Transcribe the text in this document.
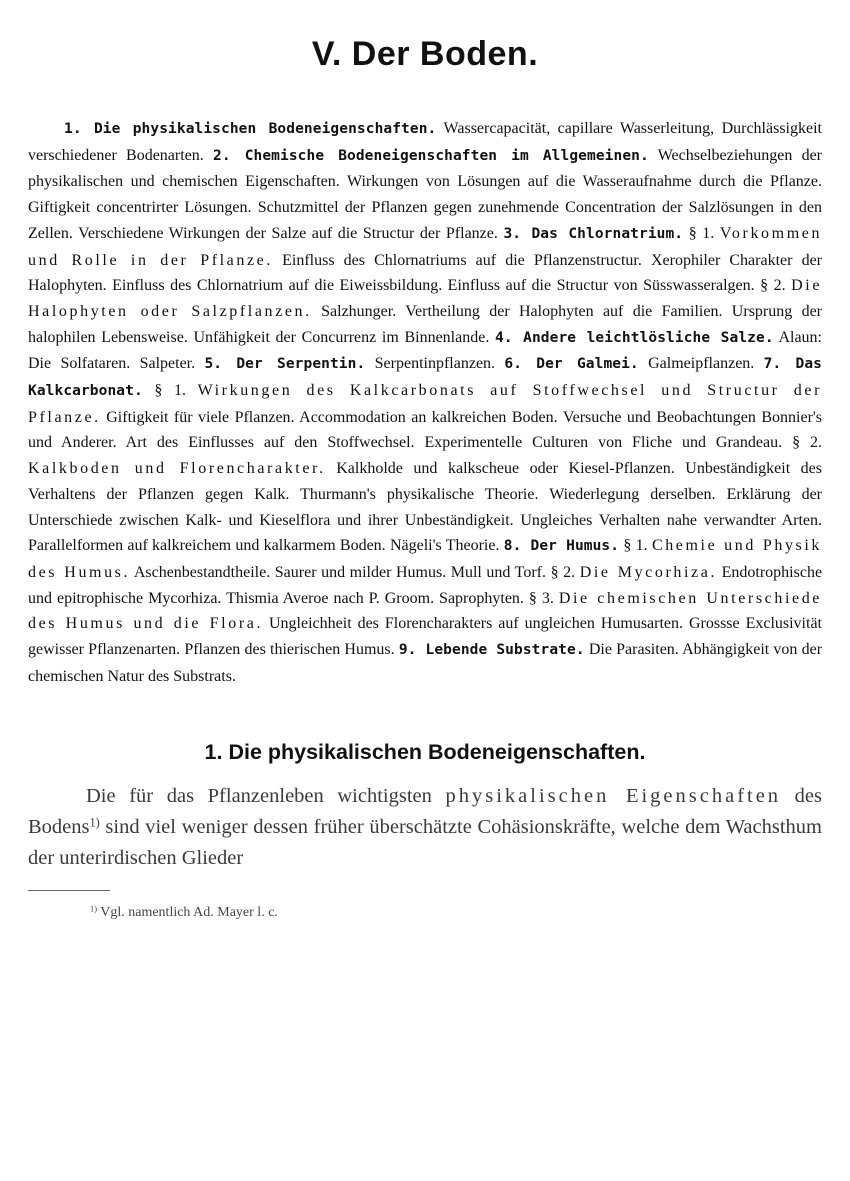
V. Der Boden.

1. Die physikalischen Bodeneigenschaften. Wassercapacität, capillare Wasserleitung, Durchlässigkeit verschiedener Bodenarten. 2. Chemische Bodeneigenschaften im Allgemeinen. Wechselbeziehungen der physikalischen und chemischen Eigenschaften. Wirkungen von Lösungen auf die Wasseraufnahme durch die Pflanze. Giftigkeit concentrirter Lösungen. Schutzmittel der Pflanzen gegen zunehmende Concentration der Salzlösungen in den Zellen. Verschiedene Wirkungen der Salze auf die Structur der Pflanze. 3. Das Chlornatrium. § 1. Vorkommen und Rolle in der Pflanze. Einfluss des Chlornatriums auf die Pflanzenstructur. Xerophiler Charakter der Halophyten. Einfluss des Chlornatrium auf die Eiweissbildung. Einfluss auf die Structur von Süsswasseralgen. § 2. Die Halophyten oder Salzpflanzen. Salzhunger. Vertheilung der Halophyten auf die Familien. Ursprung der halophilen Lebensweise. Unfähigkeit der Concurrenz im Binnenlande. 4. Andere leichtlösliche Salze. Alaun: Die Solfataren. Salpeter. 5. Der Serpentin. Serpentinpflanzen. 6. Der Galmei. Galmeipflanzen. 7. Das Kalkcarbonat. § 1. Wirkungen des Kalkcarbonats auf Stoffwechsel und Structur der Pflanze. Giftigkeit für viele Pflanzen. Accommodation an kalkreichen Boden. Versuche und Beobachtungen Bonnier's und Anderer. Art des Einflusses auf den Stoffwechsel. Experimentelle Culturen von Fliche und Grandeau. § 2. Kalkboden und Florencharakter. Kalkholde und kalkscheue oder Kiesel-Pflanzen. Unbeständigkeit des Verhaltens der Pflanzen gegen Kalk. Thurmann's physikalische Theorie. Wiederlegung derselben. Erklärung der Unterschiede zwischen Kalk- und Kieselflora und ihrer Unbeständigkeit. Ungleiches Verhalten nahe verwandter Arten. Parallelformen auf kalkreichem und kalkarmem Boden. Nägeli's Theorie. 8. Der Humus. § 1. Chemie und Physik des Humus. Aschenbestandtheile. Saurer und milder Humus. Mull und Torf. § 2. Die Mycorhiza. Endotrophische und epitrophische Mycorhiza. Thismia Averoe nach P. Groom. Saprophyten. § 3. Die chemischen Unterschiede des Humus und die Flora. Ungleichheit des Florencharakters auf ungleichen Humusarten. Grossse Exclusivität gewisser Pflanzenarten. Pflanzen des thierischen Humus. 9. Lebende Substrate. Die Parasiten. Abhängigkeit von der chemischen Natur des Substrats.

1. Die physikalischen Bodeneigenschaften.

Die für das Pflanzenleben wichtigsten physikalischen Eigenschaften des Bodens$^{1)}$ sind viel weniger dessen früher überschätzte Cohäsionskräfte, welche dem Wachsthum der unterirdischen Glieder

$^{1)}$ Vgl. namentlich Ad. Mayer l. c.
